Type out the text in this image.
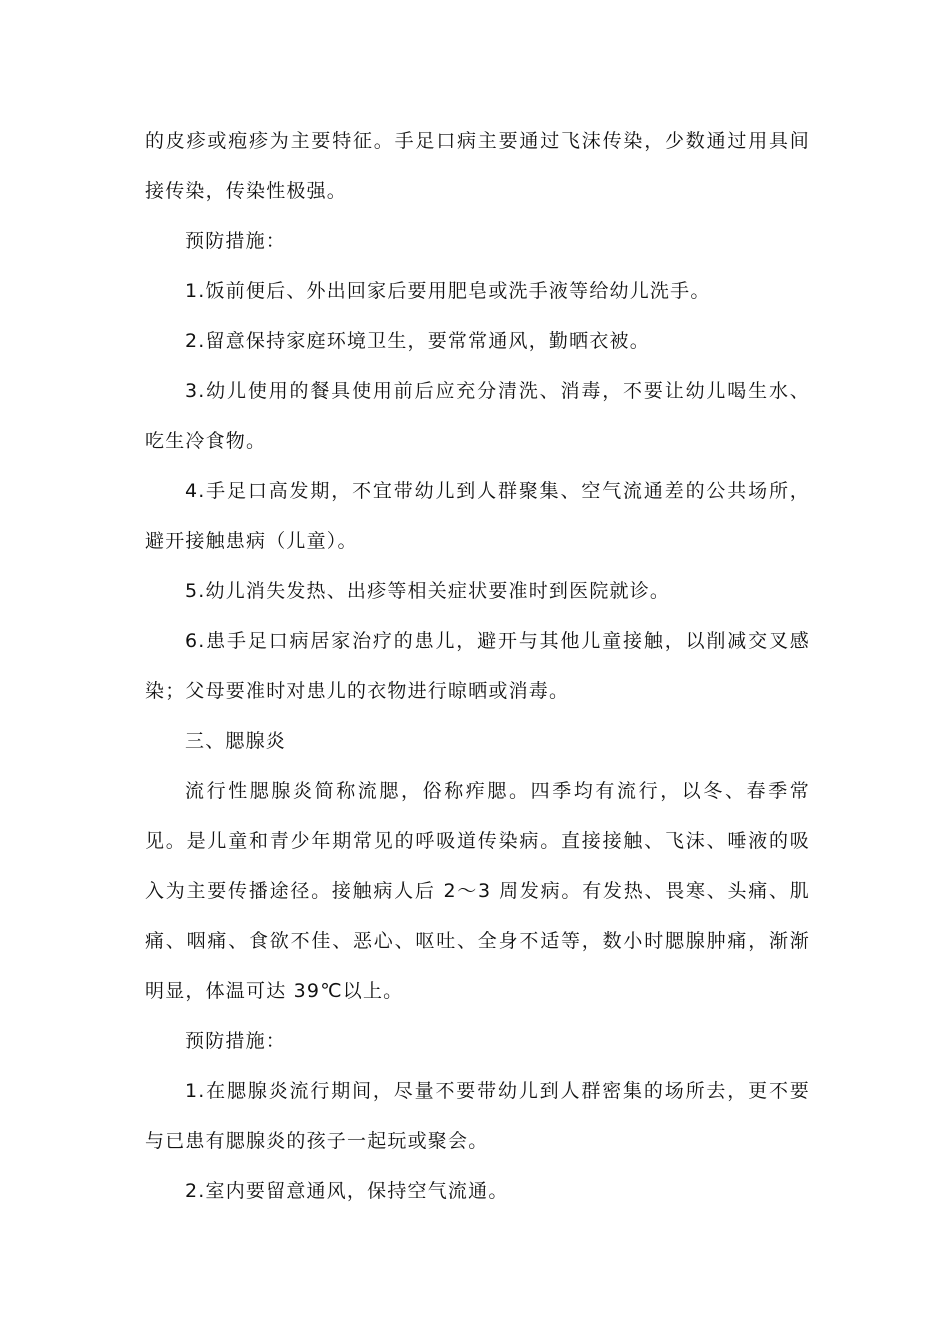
的皮疹或疱疹为主要特征。手足口病主要通过飞沫传染，少数通过用具间接传染，传染性极强。

预防措施：

1.饭前便后、外出回家后要用肥皂或洗手液等给幼儿洗手。

2.留意保持家庭环境卫生，要常常通风，勤晒衣被。

3.幼儿使用的餐具使用前后应充分清洗、消毒，不要让幼儿喝生水、吃生冷食物。

4.手足口高发期，不宜带幼儿到人群聚集、空气流通差的公共场所，避开接触患病（儿童）。

5.幼儿消失发热、出疹等相关症状要准时到医院就诊。

6.患手足口病居家治疗的患儿，避开与其他儿童接触，以削减交叉感染；父母要准时对患儿的衣物进行晾晒或消毒。

三、腮腺炎

流行性腮腺炎简称流腮，俗称痄腮。四季均有流行，以冬、春季常见。是儿童和青少年期常见的呼吸道传染病。直接接触、飞沫、唾液的吸入为主要传播途径。接触病人后 2～3 周发病。有发热、畏寒、头痛、肌痛、咽痛、食欲不佳、恶心、呕吐、全身不适等，数小时腮腺肿痛，渐渐明显，体温可达 39℃以上。

预防措施：

1.在腮腺炎流行期间，尽量不要带幼儿到人群密集的场所去，更不要与已患有腮腺炎的孩子一起玩或聚会。

2.室内要留意通风，保持空气流通。
